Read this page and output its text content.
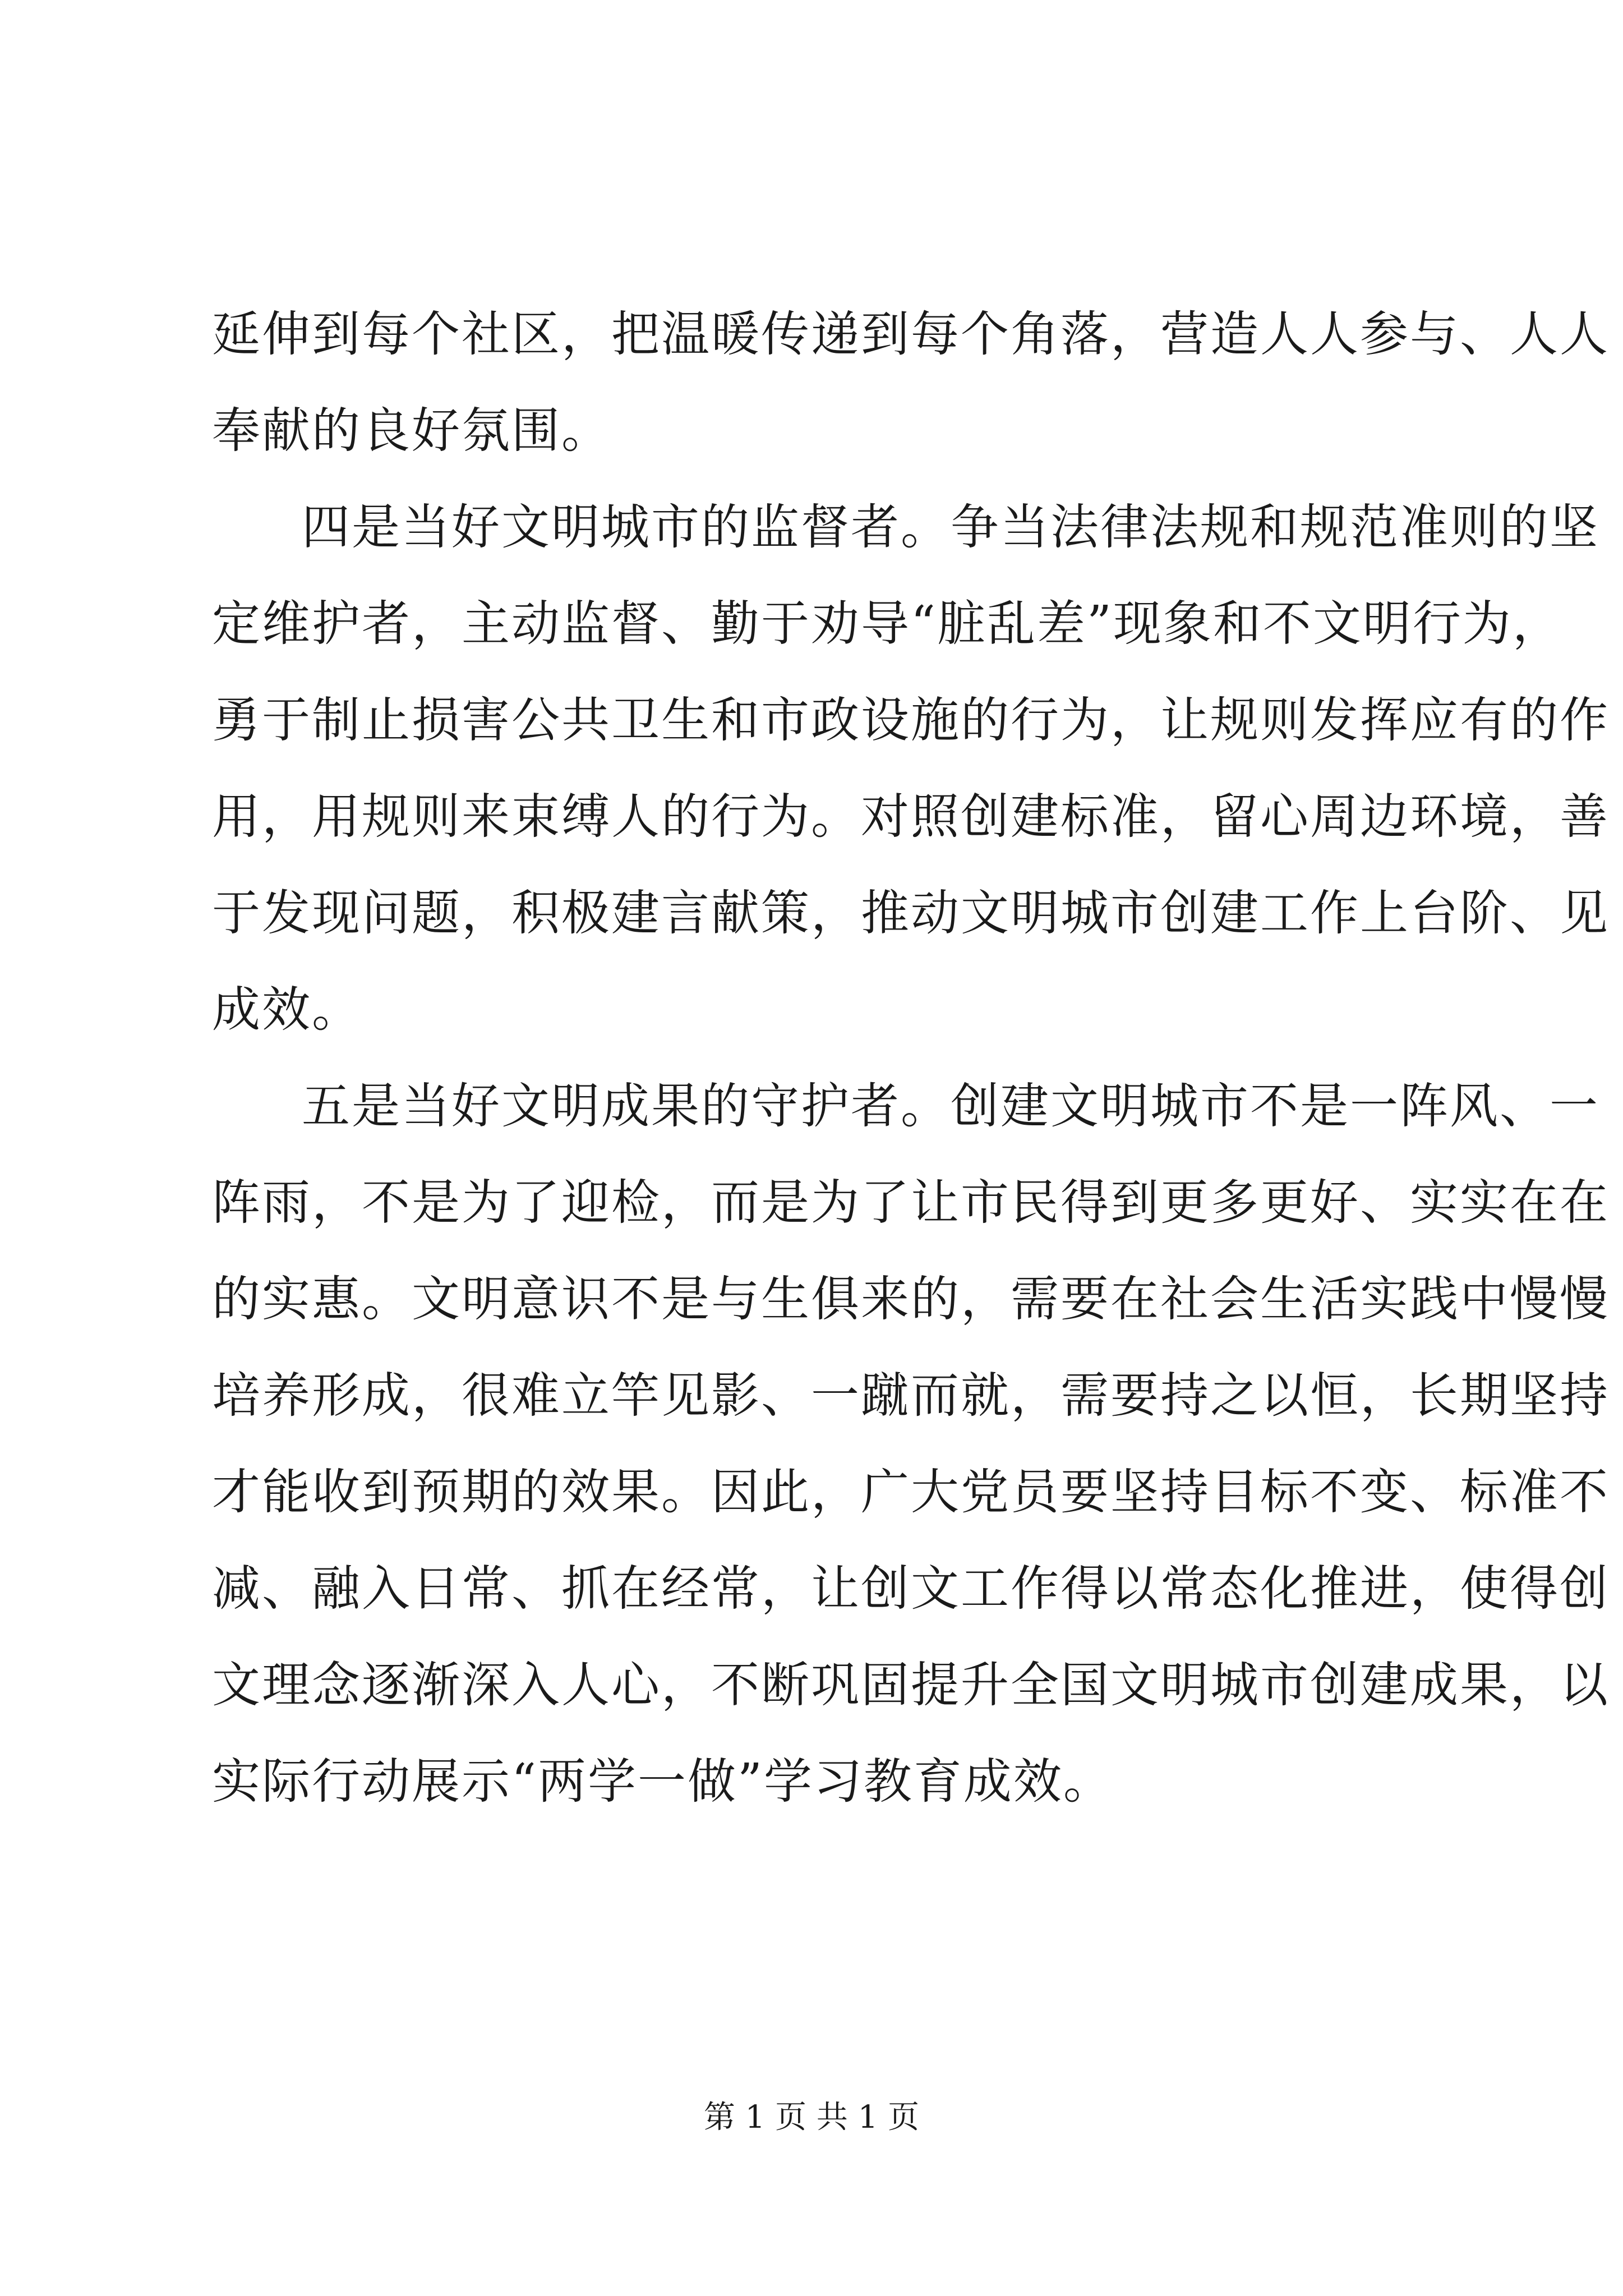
延伸到每个社区，把温暖传递到每个角落，营造人人参与、人人
奉献的良好氛围。
四是当好文明城市的监督者。争当法律法规和规范准则的坚
定维护者，主动监督、勤于劝导“脏乱差”现象和不文明行为，
勇于制止损害公共卫生和市政设施的行为，让规则发挥应有的作
用，用规则来束缚人的行为。对照创建标准，留心周边环境，善
于发现问题，积极建言献策，推动文明城市创建工作上台阶、见
成效。
五是当好文明成果的守护者。创建文明城市不是一阵风、一
阵雨，不是为了迎检，而是为了让市民得到更多更好、实实在在
的实惠。文明意识不是与生俱来的，需要在社会生活实践中慢慢
培养形成，很难立竿见影、一蹴而就，需要持之以恒，长期坚持
才能收到预期的效果。因此，广大党员要坚持目标不变、标准不
减、融入日常、抓在经常，让创文工作得以常态化推进，使得创
文理念逐渐深入人心，不断巩固提升全国文明城市创建成果，以
实际行动展示“两学一做”学习教育成效。
第 1 页 共 1 页
